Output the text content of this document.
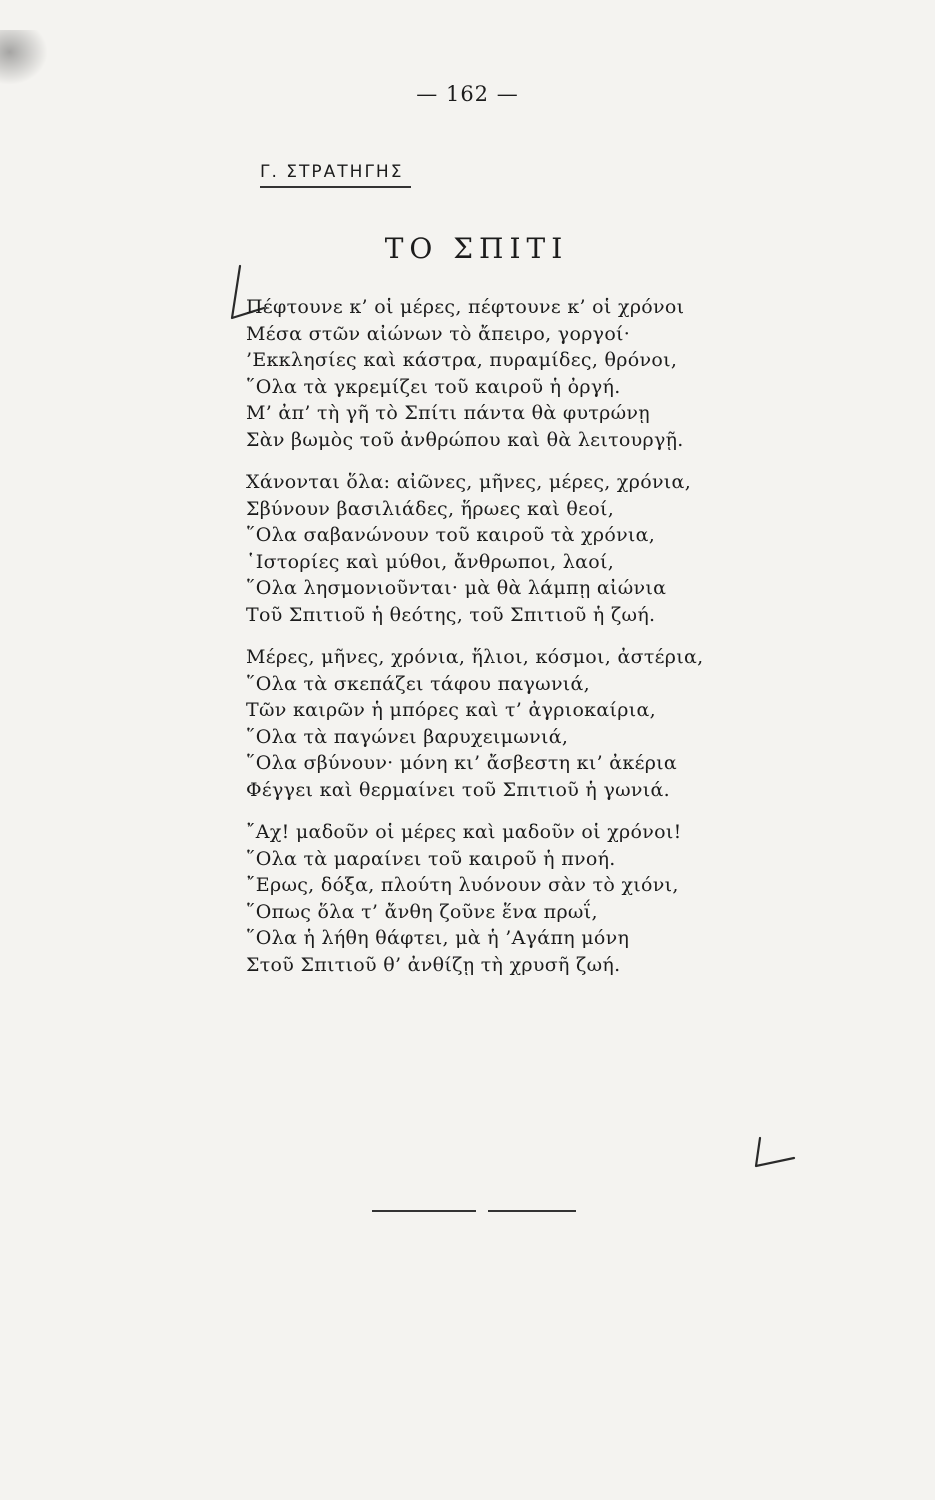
— 162 —
Γ. ΣΤΡΑΤΗΓΗΣ
ΤΟ ΣΠΙΤΙ
Πέφτουνε κ’ οἱ μέρες, πέφτουνε κ’ οἱ χρόνοι
Μέσα στῶν αἰώνων τὸ ἄπειρο, γοργοί·
’Εκκλησίες καὶ κάστρα, πυραμίδες, θρόνοι,
῞Ολα τὰ γκρεμίζει τοῦ καιροῦ ἡ ὀργή.
Μ’ ἀπ’ τὴ γῆ τὸ Σπίτι πάντα θὰ φυτρώνῃ
Σὰν βωμὸς τοῦ ἀνθρώπου καὶ θὰ λειτουργῇ.
Χάνονται ὅλα: αἰῶνες, μῆνες, μέρες, χρόνια,
Σβύνουν βασιλιάδες, ἥρωες καὶ θεοί,
῞Ολα σαβανώνουν τοῦ καιροῦ τὰ χρόνια,
῾Ιστορίες καὶ μύθοι, ἄνθρωποι, λαοί,
῞Ολα λησμονιοῦνται· μὰ θὰ λάμπῃ αἰώνια
Τοῦ Σπιτιοῦ ἡ θεότης, τοῦ Σπιτιοῦ ἡ ζωή.
Μέρες, μῆνες, χρόνια, ἥλιοι, κόσμοι, ἀστέρια,
῞Ολα τὰ σκεπάζει τάφου παγωνιά,
Τῶν καιρῶν ἡ μπόρες καὶ τ’ ἀγριοκαίρια,
῞Ολα τὰ παγώνει βαρυχειμωνιά,
῞Ολα σβύνουν· μόνη κι’ ἄσβεστη κι’ ἀκέρια
Φέγγει καὶ θερμαίνει τοῦ Σπιτιοῦ ἡ γωνιά.
῎Αχ! μαδοῦν οἱ μέρες καὶ μαδοῦν οἱ χρόνοι!
῞Ολα τὰ μαραίνει τοῦ καιροῦ ἡ πνοή.
῎Ερως, δόξα, πλούτη λυόνουν σὰν τὸ χιόνι,
῞Οπως ὅλα τ’ ἄνθη ζοῦνε ἕνα πρωΐ,
῞Ολα ἡ λήθη θάφτει, μὰ ἡ ’Αγάπη μόνη
Στοῦ Σπιτιοῦ θ’ ἀνθίζῃ τὴ χρυσῆ ζωή.
